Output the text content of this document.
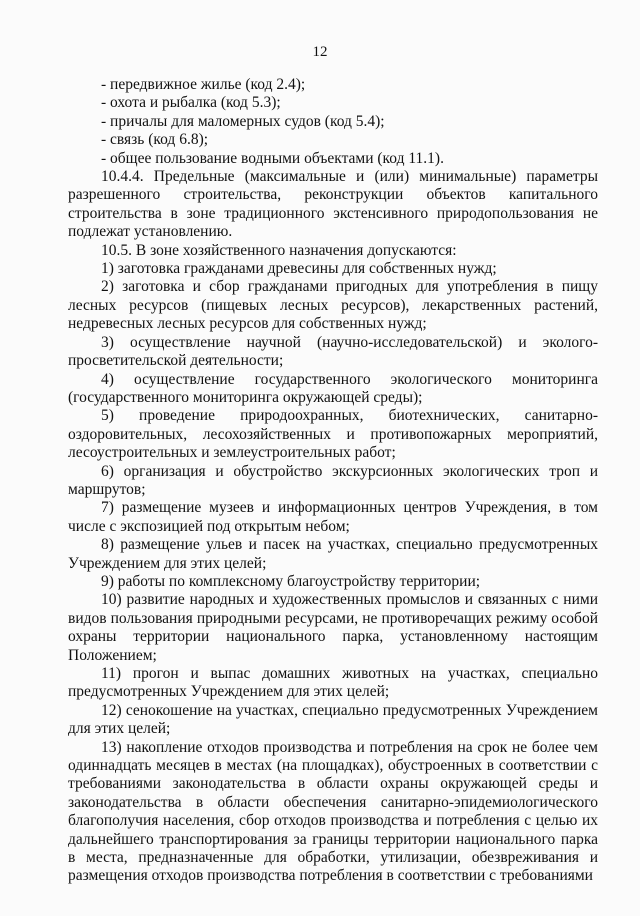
12

- передвижное жилье (код 2.4);

- охота и рыбалка (код 5.3);

- причалы для маломерных судов (код 5.4);

- связь (код 6.8);

- общее пользование водными объектами (код 11.1).

10.4.4. Предельные (максимальные и (или) минимальные) параметры разрешенного строительства, реконструкции объектов капитального строительства в зоне традиционного экстенсивного природопользования не подлежат установлению.

10.5. В зоне хозяйственного назначения допускаются:

1) заготовка гражданами древесины для собственных нужд;

2) заготовка и сбор гражданами пригодных для употребления в пищу лесных ресурсов (пищевых лесных ресурсов), лекарственных растений, недревесных лесных ресурсов для собственных нужд;

3) осуществление научной (научно-исследовательской) и эколого-просветительской деятельности;

4) осуществление государственного экологического мониторинга (государственного мониторинга окружающей среды);

5) проведение природоохранных, биотехнических, санитарно-оздоровительных, лесохозяйственных и противопожарных мероприятий, лесоустроительных и землеустроительных работ;

6) организация и обустройство экскурсионных экологических троп и маршрутов;

7) размещение музеев и информационных центров Учреждения, в том числе с экспозицией под открытым небом;

8) размещение ульев и пасек на участках, специально предусмотренных Учреждением для этих целей;

9) работы по комплексному благоустройству территории;

10) развитие народных и художественных промыслов и связанных с ними видов пользования природными ресурсами, не противоречащих режиму особой охраны территории национального парка, установленному настоящим Положением;

11) прогон и выпас домашних животных на участках, специально предусмотренных Учреждением для этих целей;

12) сенокошение на участках, специально предусмотренных Учреждением для этих целей;

13) накопление отходов производства и потребления на срок не более чем одиннадцать месяцев в местах (на площадках), обустроенных в соответствии с требованиями законодательства в области охраны окружающей среды и законодательства в области обеспечения санитарно-эпидемиологического благополучия населения, сбор отходов производства и потребления с целью их дальнейшего транспортирования за границы территории национального парка в места, предназначенные для обработки, утилизации, обезвреживания и размещения отходов производства потребления в соответствии с требованиями
